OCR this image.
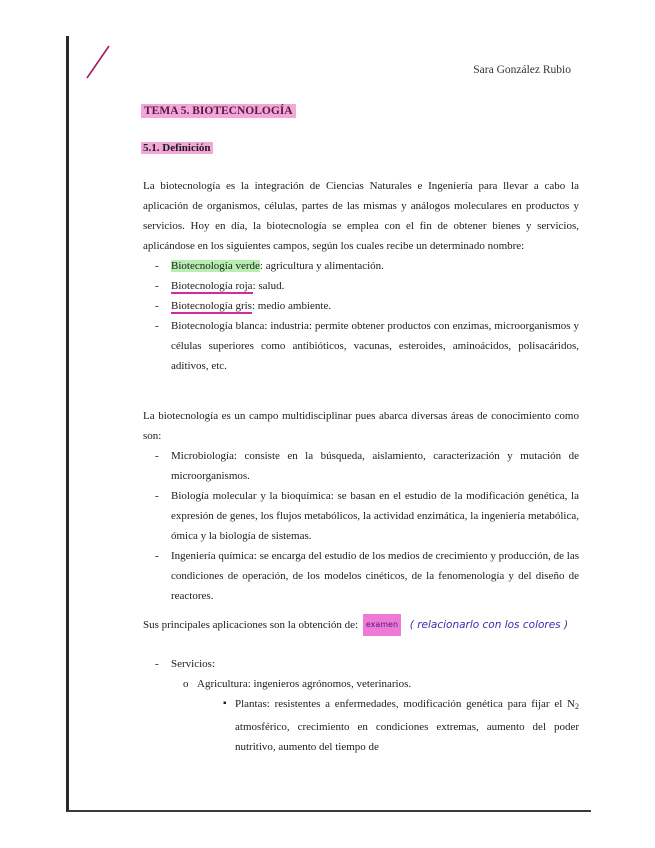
Sara González Rubio
TEMA 5. BIOTECNOLOGÍA
5.1. Definición
La biotecnología es la integración de Ciencias Naturales e Ingeniería para llevar a cabo la aplicación de organismos, células, partes de las mismas y análogos moleculares en productos y servicios. Hoy en día, la biotecnología se emplea con el fin de obtener bienes y servicios, aplicándose en los siguientes campos, según los cuales recibe un determinado nombre:
- Biotecnología verde: agricultura y alimentación.
- Biotecnología roja: salud.
- Biotecnología gris: medio ambiente.
- Biotecnología blanca: industria: permite obtener productos con enzimas, microorganismos y células superiores como antibióticos, vacunas, esteroides, aminoácidos, polisacáridos, aditivos, etc.
La biotecnología es un campo multidisciplinar pues abarca diversas áreas de conocimiento como son:
- Microbiología: consiste en la búsqueda, aislamiento, caracterización y mutación de microorganismos.
- Biología molecular y la bioquímica: se basan en el estudio de la modificación genética, la expresión de genes, los flujos metabólicos, la actividad enzimática, la ingeniería metabólica, ómica y la biología de sistemas.
- Ingeniería química: se encarga del estudio de los medios de crecimiento y producción, de las condiciones de operación, de los modelos cinéticos, de la fenomenología y del diseño de reactores.
Sus principales aplicaciones son la obtención de: examen ( relacionarlo con los colores )
- Servicios:
o Agricultura: ingenieros agrónomos, veterinarios.
▪ Plantas: resistentes a enfermedades, modificación genética para fijar el $N_2$ atmosférico, crecimiento en condiciones extremas, aumento del poder nutritivo, aumento del tiempo de
